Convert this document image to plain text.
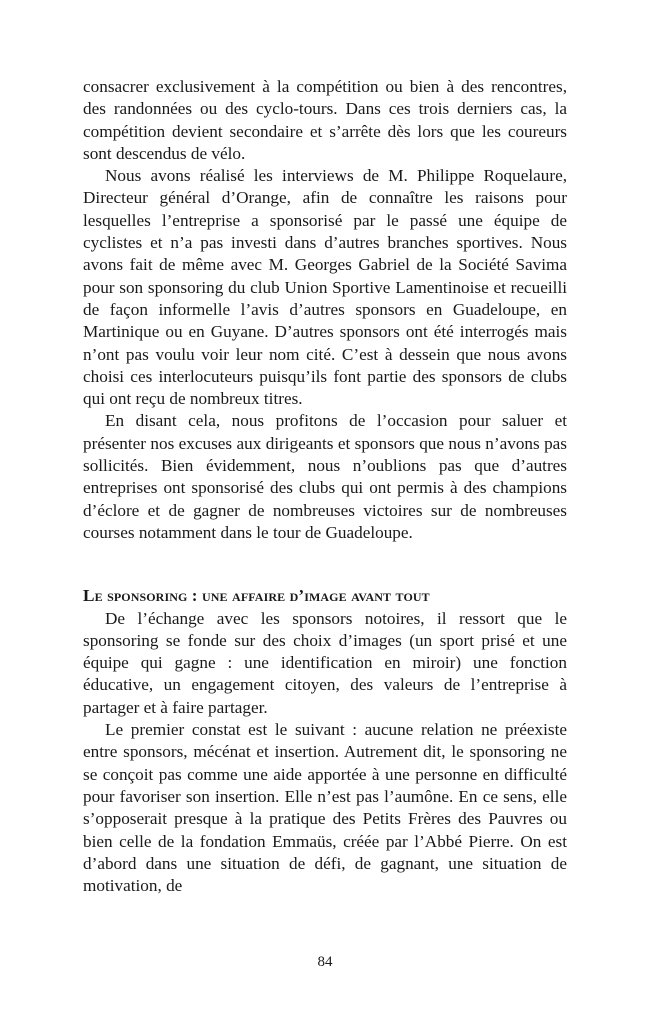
consacrer exclusivement à la compétition ou bien à des rencontres, des randonnées ou des cyclo-tours. Dans ces trois derniers cas, la compétition devient secondaire et s’arrête dès lors que les coureurs sont descendus de vélo.

Nous avons réalisé les interviews de M. Philippe Roquelaure, Directeur général d’Orange, afin de connaître les raisons pour lesquelles l’entreprise a sponsorisé par le passé une équipe de cyclistes et n’a pas investi dans d’autres branches sportives. Nous avons fait de même avec M. Georges Gabriel de la Société Savima pour son sponsoring du club Union Sportive Lamentinoise et recueilli de façon informelle l’avis d’autres sponsors en Guadeloupe, en Martinique ou en Guyane. D’autres sponsors ont été interrogés mais n’ont pas voulu voir leur nom cité. C’est à dessein que nous avons choisi ces interlocuteurs puisqu’ils font partie des sponsors de clubs qui ont reçu de nombreux titres.

En disant cela, nous profitons de l’occasion pour saluer et présenter nos excuses aux dirigeants et sponsors que nous n’avons pas sollicités. Bien évidemment, nous n’oublions pas que d’autres entreprises ont sponsorisé des clubs qui ont permis à des champions d’éclore et de gagner de nombreuses victoires sur de nombreuses courses notamment dans le tour de Guadeloupe.

Le sponsoring : une affaire d’image avant tout

De l’échange avec les sponsors notoires, il ressort que le sponsoring se fonde sur des choix d’images (un sport prisé et une équipe qui gagne : une identification en miroir) une fonction éducative, un engagement citoyen, des valeurs de l’entreprise à partager et à faire partager.

Le premier constat est le suivant : aucune relation ne préexiste entre sponsors, mécénat et insertion. Autrement dit, le sponsoring ne se conçoit pas comme une aide apportée à une personne en difficulté pour favoriser son insertion. Elle n’est pas l’aumône. En ce sens, elle s’opposerait presque à la pratique des Petits Frères des Pauvres ou bien celle de la fondation Emmaüs, créée par l’Abbé Pierre. On est d’abord dans une situation de défi, de gagnant, une situation de motivation, de

84
